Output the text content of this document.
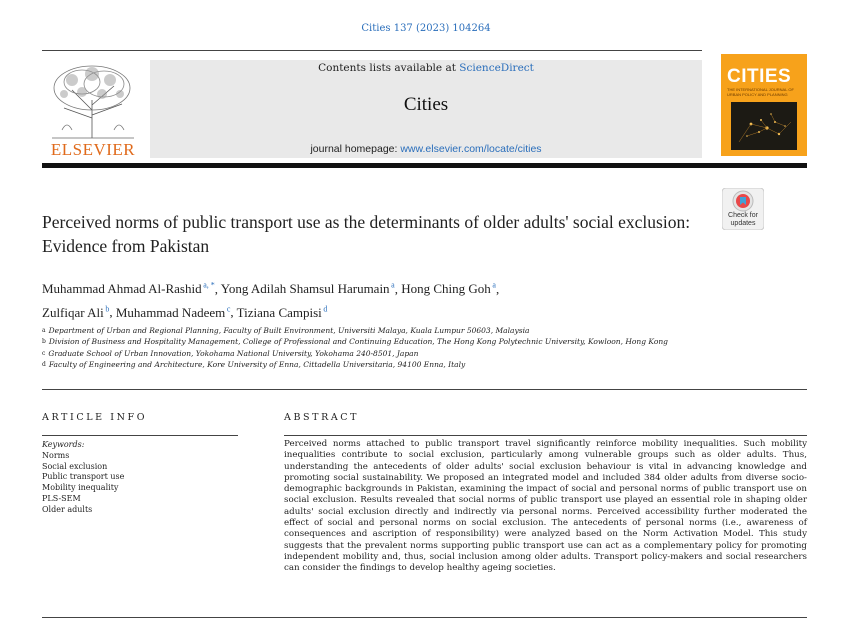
Cities 137 (2023) 104264
ELSEVIER
Contents lists available at ScienceDirect
Cities
journal homepage: www.elsevier.com/locate/cities
CITIES
THE INTERNATIONAL JOURNAL OF URBAN POLICY AND PLANNING
Perceived norms of public transport use as the determinants of older adults' social exclusion: Evidence from Pakistan
Check for
updates
Muhammad Ahmad Al-Rashid $^{a, *}$, Yong Adilah Shamsul Harumain $^a$, Hong Ching Goh $^a$,
Zulfiqar Ali $^b$, Muhammad Nadeem $^c$, Tiziana Campisi $^d$
$^a$ Department of Urban and Regional Planning, Faculty of Built Environment, Universiti Malaya, Kuala Lumpur 50603, Malaysia
$^b$ Division of Business and Hospitality Management, College of Professional and Continuing Education, The Hong Kong Polytechnic University, Kowloon, Hong Kong
$^c$ Graduate School of Urban Innovation, Yokohama National University, Yokohama 240-8501, Japan
$^d$ Faculty of Engineering and Architecture, Kore University of Enna, Cittadella Universitaria, 94100 Enna, Italy
ARTICLE INFO	ABSTRACT
Keywords:
Norms
Social exclusion
Public transport use
Mobility inequality
PLS-SEM
Older adults
Perceived norms attached to public transport travel significantly reinforce mobility inequalities. Such mobility inequalities contribute to social exclusion, particularly among vulnerable groups such as older adults. Thus, understanding the antecedents of older adults' social exclusion behaviour is vital in advancing knowledge and promoting social sustainability. We proposed an integrated model and included 384 older adults from diverse socio-demographic backgrounds in Pakistan, examining the impact of social and personal norms of public transport use on social exclusion. Results revealed that social norms of public transport use played an essential role in shaping older adults' social exclusion directly and indirectly via personal norms. Perceived accessibility further moderated the effect of social and personal norms on social exclusion. The antecedents of personal norms (i.e., awareness of consequences and ascription of responsibility) were analyzed based on the Norm Activation Model. This study suggests that the prevalent norms supporting public transport use can act as a complementary policy for promoting independent mobility and, thus, social inclusion among older adults. Transport policy-makers and social researchers can consider the findings to develop healthy ageing societies.
